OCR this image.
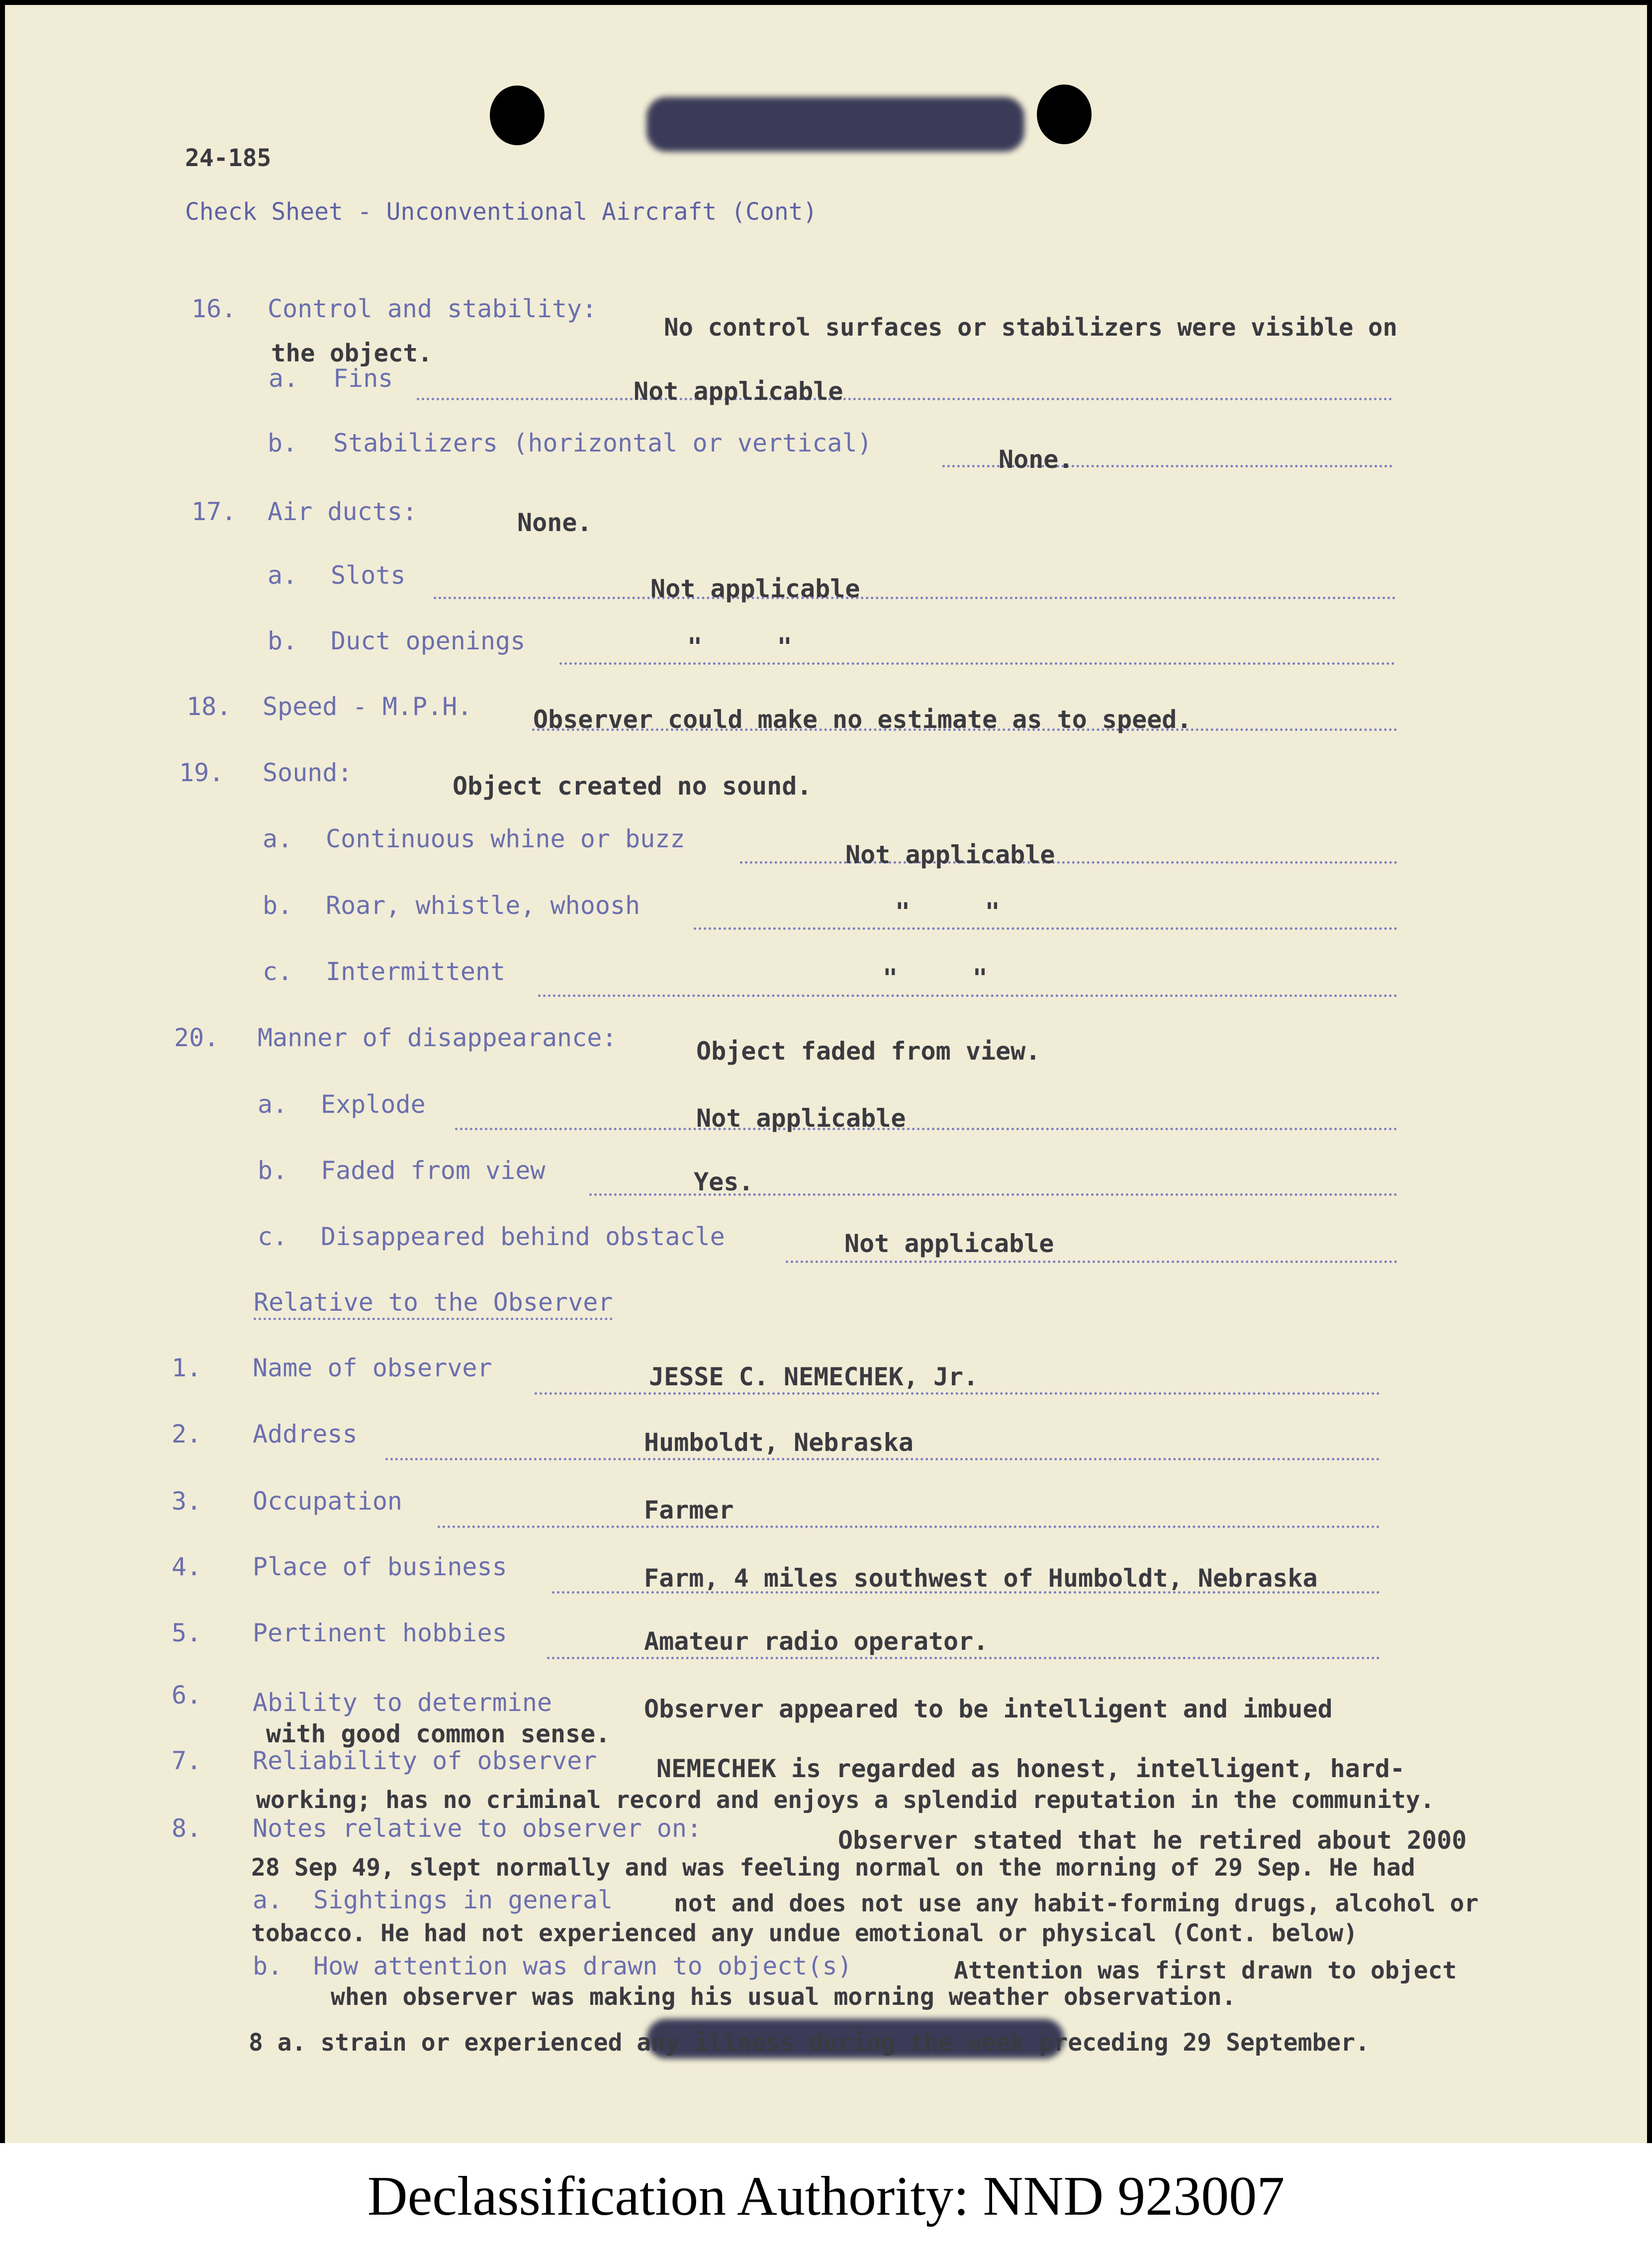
24-185
Check Sheet - Unconventional Aircraft (Cont)
16. Control and stability:
No control surfaces or stabilizers were visible on
the object.
a. Fins	Not applicable
b. Stabilizers (horizontal or vertical)
None.
17. Air ducts:	None.
a. Slots	Not applicable
b. Duct openings	"     "
18. Speed - M.P.H. Observer could make no estimate as to speed.
19. Sound:	Object created no sound.
a. Continuous whine or buzz
Not applicable
b. Roar, whistle, whoosh	"     "
c. Intermittent	"     "
20. Manner of disappearance:	Object faded from view.
a. Explode	Not applicable
b. Faded from view	Yes.
c. Disappeared behind obstacle	Not applicable
Relative to the Observer
1. Name of observer	JESSE C. NEMECHEK, Jr.
2. Address	Humboldt, Nebraska
3. Occupation	Farmer
4. Place of business	Farm, 4 miles southwest of Humboldt, Nebraska
5. Pertinent hobbies	Amateur radio operator.
6. Ability to determine	Observer appeared to be intelligent and imbued
with good common sense.
7. Reliability of observer NEMECHEK is regarded as honest, intelligent, hard-
working; has no criminal record and enjoys a splendid reputation in the community.
8. Notes relative to observer on:	Observer stated that he retired about 2000
28 Sep 49, slept normally and was feeling normal on the morning of 29 Sep. He had
a. Sightings in general	not and does not use any habit-forming drugs, alcohol or
tobacco. He had not experienced any undue emotional or physical (Cont. below)
b. How attention was drawn to object(s)	Attention was first drawn to object
when observer was making his usual morning weather observation.
8 a. strain or experienced any illness during the week preceding 29 September.
Declassification Authority: NND 923007
